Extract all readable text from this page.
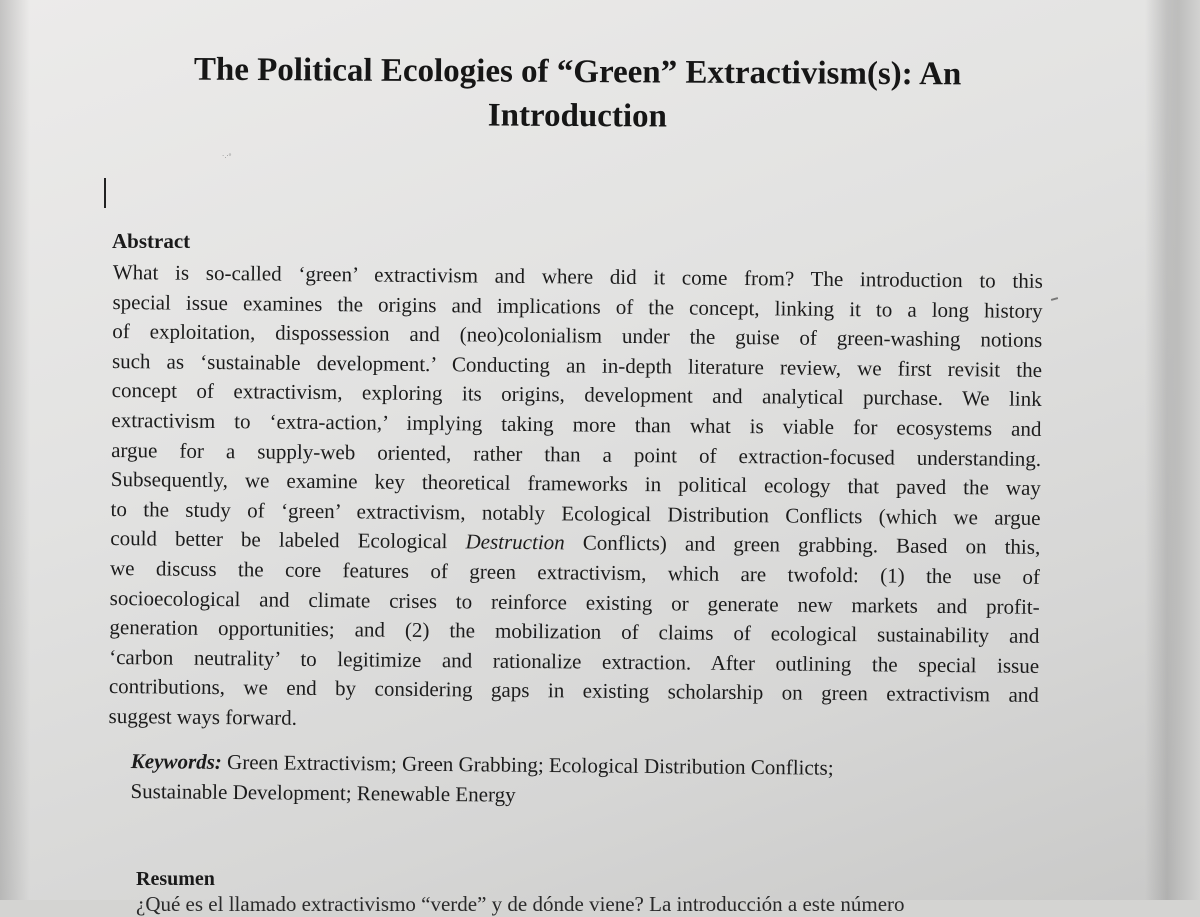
The Political Ecologies of “Green” Extractivism(s): An
Introduction
·.·ᵒ
Abstract
What is so-called ‘green’ extractivism and where did it come from? The introduction to this
special issue examines the origins and implications of the concept, linking it to a long history
of exploitation, dispossession and (neo)colonialism under the guise of green-washing notions
such as ‘sustainable development.’ Conducting an in-depth literature review, we first revisit the
concept of extractivism, exploring its origins, development and analytical purchase. We link
extractivism to ‘extra-action,’ implying taking more than what is viable for ecosystems and
argue for a supply-web oriented, rather than a point of extraction-focused understanding.
Subsequently, we examine key theoretical frameworks in political ecology that paved the way
to the study of ‘green’ extractivism, notably Ecological Distribution Conflicts (which we argue
could better be labeled Ecological Destruction Conflicts) and green grabbing. Based on this,
we discuss the core features of green extractivism, which are twofold: (1) the use of
socioecological and climate crises to reinforce existing or generate new markets and profit-
generation opportunities; and (2) the mobilization of claims of ecological sustainability and
‘carbon neutrality’ to legitimize and rationalize extraction. After outlining the special issue
contributions, we end by considering gaps in existing scholarship on green extractivism and
suggest ways forward.
Keywords: Green Extractivism; Green Grabbing; Ecological Distribution Conflicts;
Sustainable Development; Renewable Energy
Resumen
¿Qué es el llamado extractivismo “verde” y de dónde viene? La introducción a este número
